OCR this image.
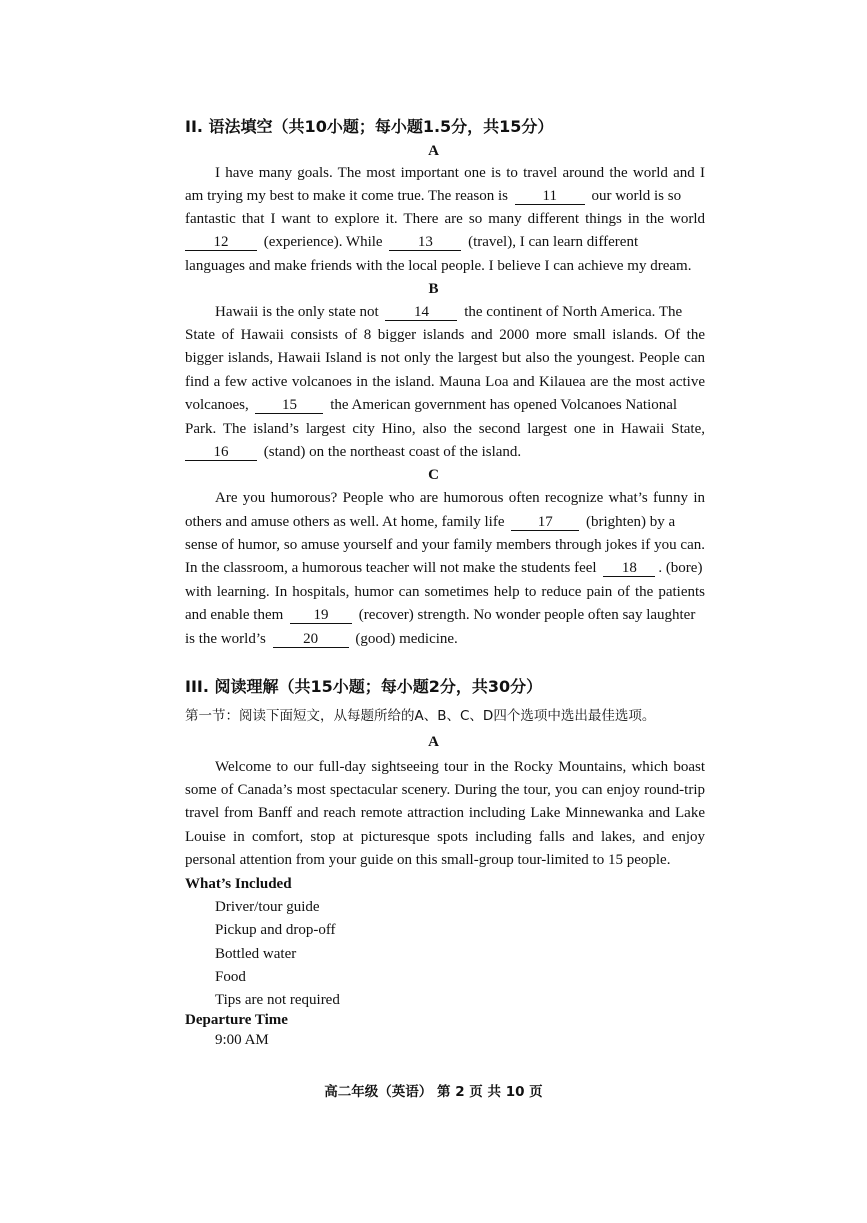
II. 语法填空（共10小题；每小题1.5分，共15分）
A
I have many goals. The most important one is to travel around the world and I
am trying my best to make it come true. The reason is 11 our world is so
fantastic that I want to explore it. There are so many different things in the world
12 (experience). While 13 (travel), I can learn different
languages and make friends with the local people. I believe I can achieve my dream.
B
Hawaii is the only state not 14 the continent of North America. The
State of Hawaii consists of 8 bigger islands and 2000 more small islands. Of the
bigger islands, Hawaii Island is not only the largest but also the youngest. People can
find a few active volcanoes in the island. Mauna Loa and Kilauea are the most active
volcanoes, 15 the American government has opened Volcanoes National
Park. The island’s largest city Hino, also the second largest one in Hawaii State,
16 (stand) on the northeast coast of the island.
C
Are you humorous? People who are humorous often recognize what’s funny in
others and amuse others as well. At home, family life 17 (brighten) by a
sense of humor, so amuse yourself and your family members through jokes if you can.
In the classroom, a humorous teacher will not make the students feel 18 . (bore)
with learning. In hospitals, humor can sometimes help to reduce pain of the patients
and enable them 19 (recover) strength. No wonder people often say laughter
is the world’s 20 (good) medicine.
III. 阅读理解（共15小题；每小题2分，共30分）
第一节：阅读下面短文，从每题所给的A、B、C、D四个选项中选出最佳选项。
A
Welcome to our full-day sightseeing tour in the Rocky Mountains, which boast
some of Canada’s most spectacular scenery. During the tour, you can enjoy round-trip
travel from Banff and reach remote attraction including Lake Minnewanka and Lake
Louise in comfort, stop at picturesque spots including falls and lakes, and enjoy
personal attention from your guide on this small-group tour-limited to 15 people.
What’s Included
Driver/tour guide
Pickup and drop-off
Bottled water
Food
Tips are not required
Departure Time
9:00 AM
高二年级（英语） 第 2 页 共 10 页
